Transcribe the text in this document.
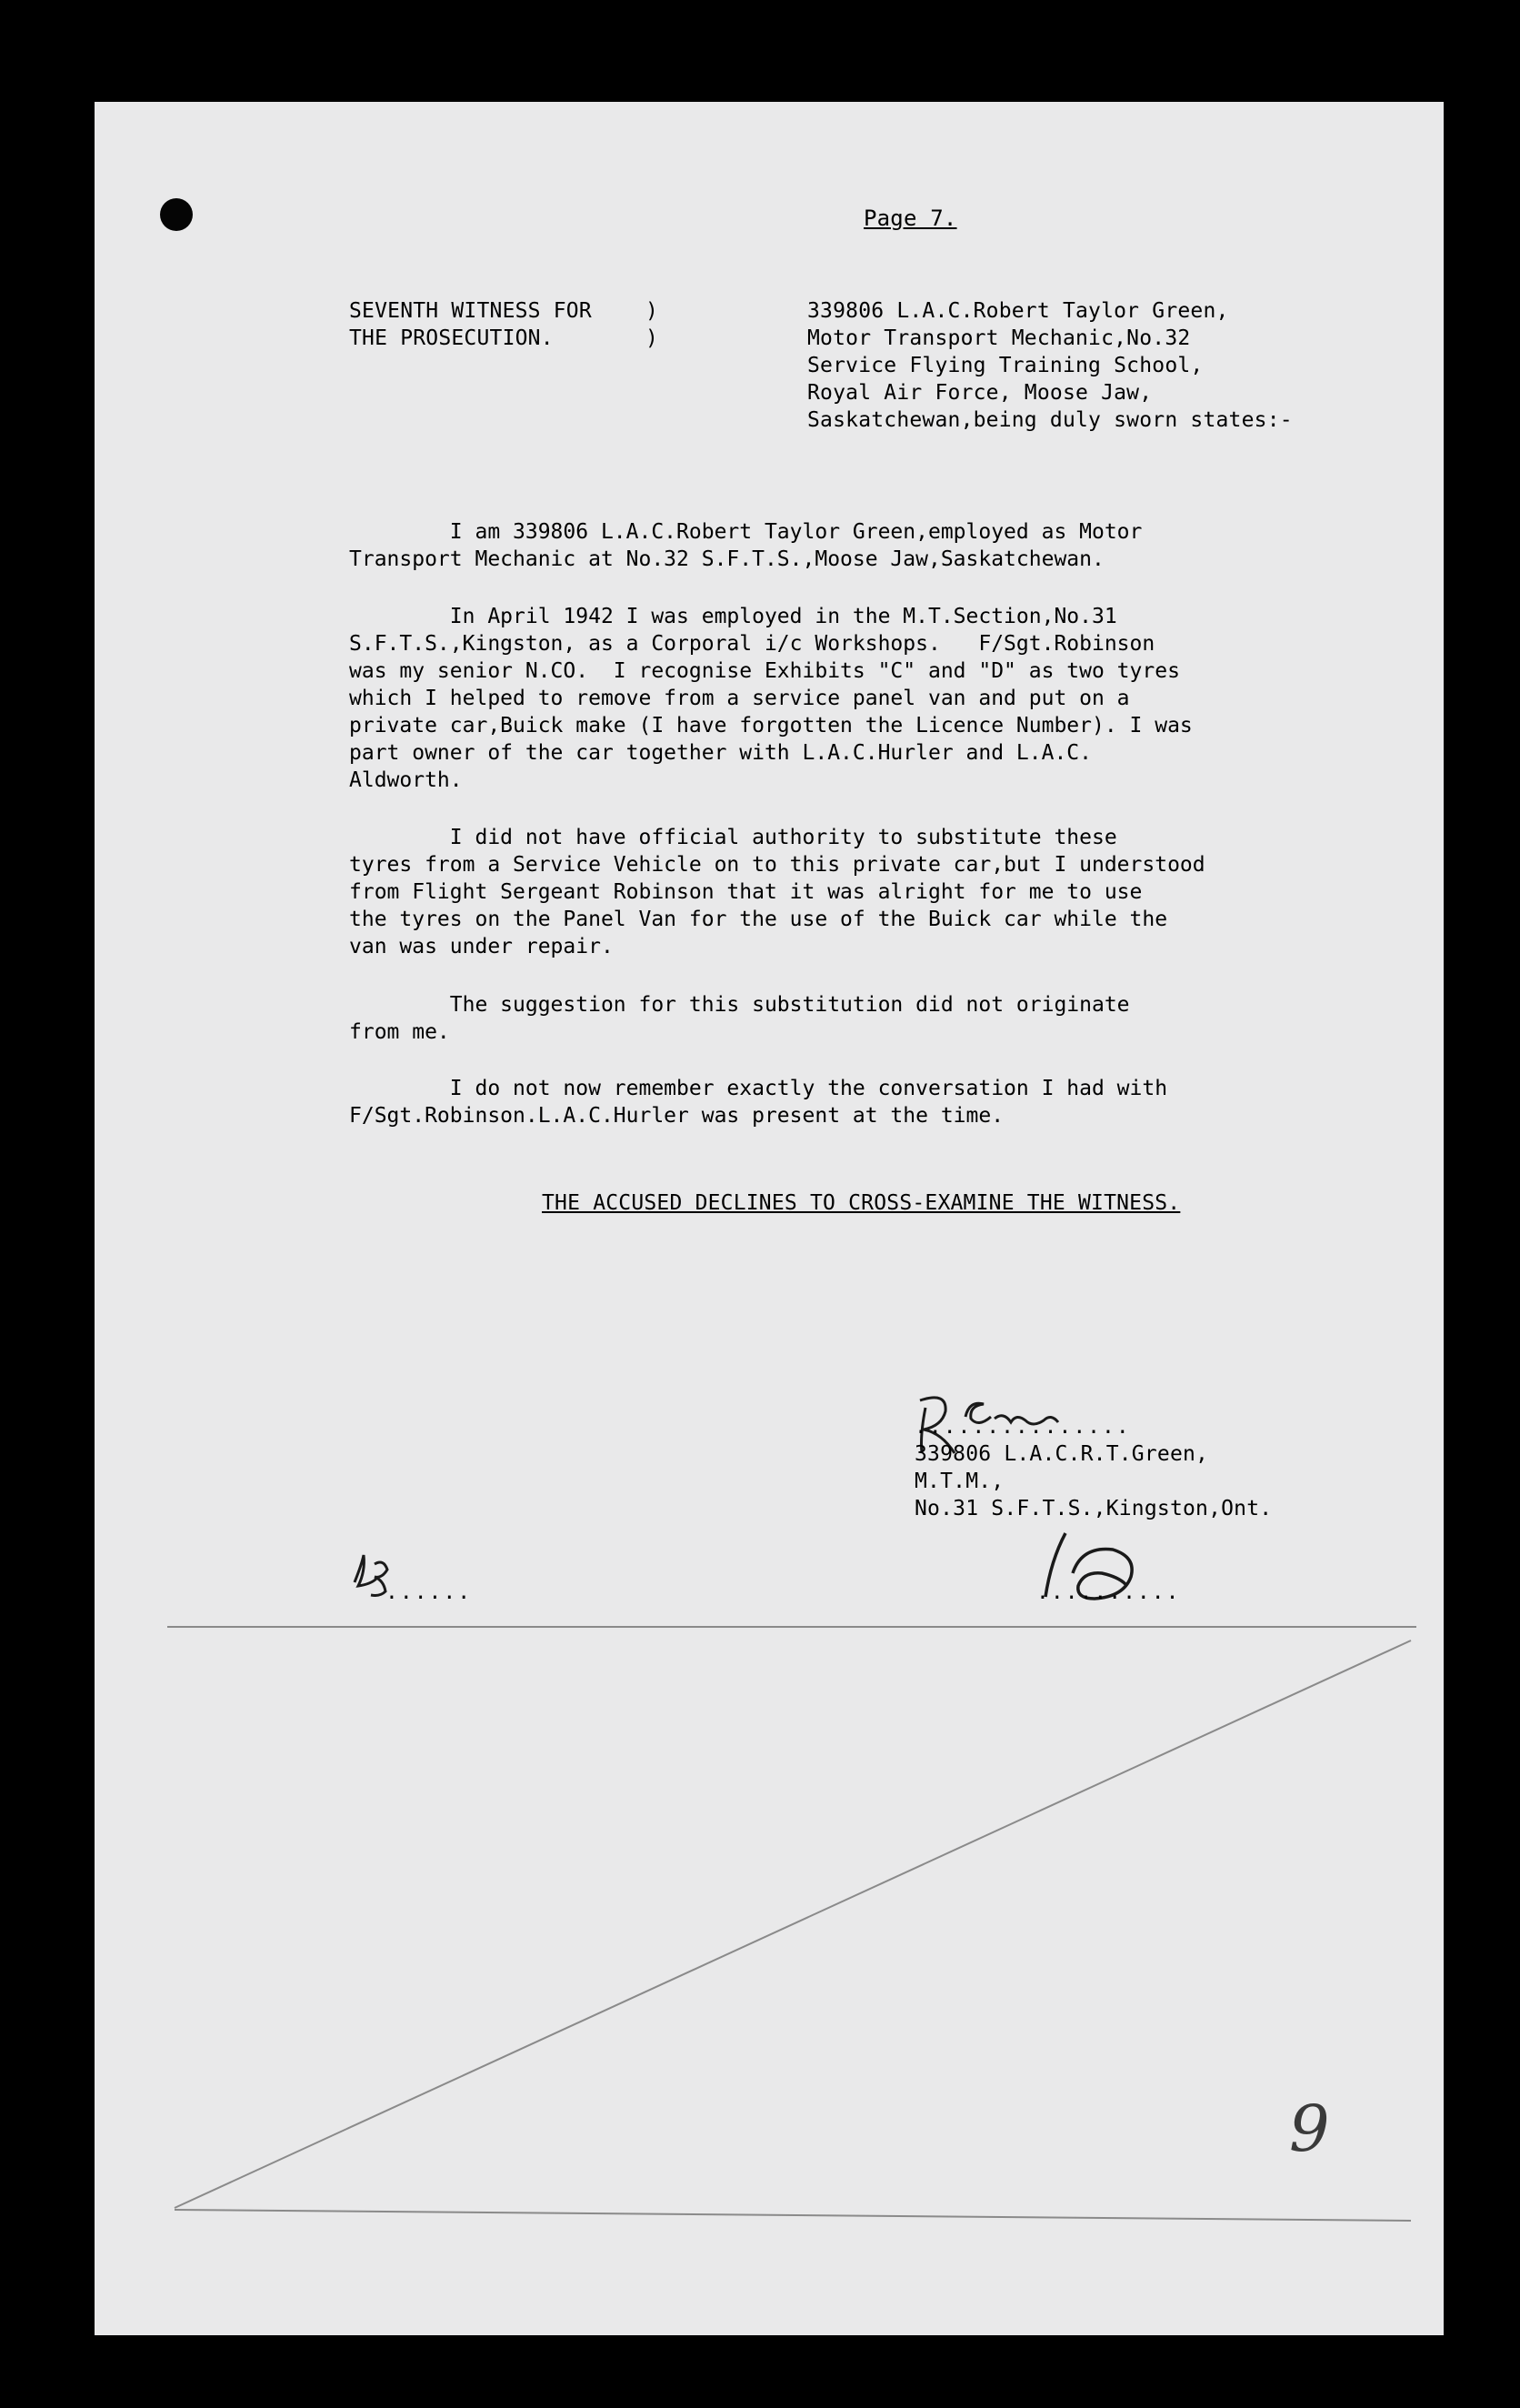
Page 7.
SEVENTH WITNESS FOR
THE PROSECUTION.
)
)
339806 L.A.C.Robert Taylor Green,
Motor Transport Mechanic,No.32
Service Flying Training School,
Royal Air Force, Moose Jaw,
Saskatchewan,being duly sworn states:-
I am 339806 L.A.C.Robert Taylor Green,employed as Motor
Transport Mechanic at No.32 S.F.T.S.,Moose Jaw,Saskatchewan.
In April 1942 I was employed in the M.T.Section,No.31
S.F.T.S.,Kingston, as a Corporal i/c Workshops.   F/Sgt.Robinson
was my senior N.CO.  I recognise Exhibits "C" and "D" as two tyres
which I helped to remove from a service panel van and put on a
private car,Buick make (I have forgotten the Licence Number). I was
part owner of the car together with L.A.C.Hurler and L.A.C.
Aldworth.
I did not have official authority to substitute these
tyres from a Service Vehicle on to this private car,but I understood
from Flight Sergeant Robinson that it was alright for me to use
the tyres on the Panel Van for the use of the Buick car while the
van was under repair.
The suggestion for this substitution did not originate
from me.
I do not now remember exactly the conversation I had with
F/Sgt.Robinson.L.A.C.Hurler was present at the time.
THE ACCUSED DECLINES TO CROSS-EXAMINE THE WITNESS.
...............
339806 L.A.C.R.T.Green,
M.T.M.,
No.31 S.F.T.S.,Kingston,Ont.
......	..........
9
